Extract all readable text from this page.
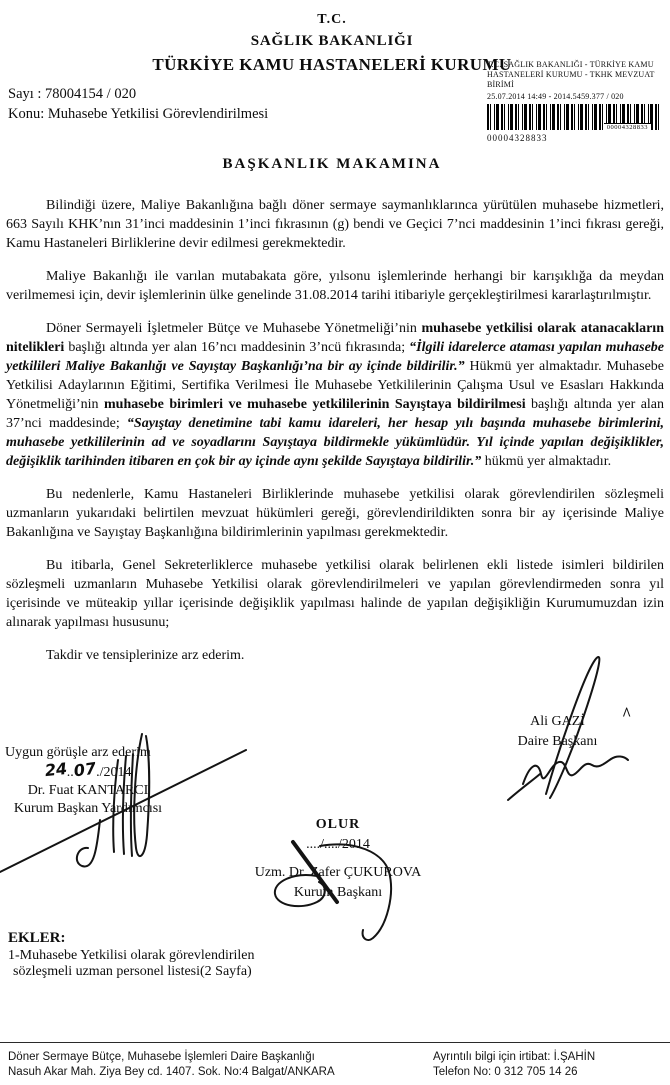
T.C.
SAĞLIK BAKANLIĞI
TÜRKİYE KAMU HASTANELERİ KURUMU
T.C. SAĞLIK BAKANLIĞI - TÜRKİYE KAMU HASTANELERİ KURUMU - TKHK MEVZUAT BİRİMİ
25.07.2014 14:49 - 2014.5459.377 / 020
00004328833
00004328833
Sayı : 78004154 / 020
Konu: Muhasebe Yetkilisi Görevlendirilmesi
BAŞKANLIK MAKAMINA

Bilindiği üzere, Maliye Bakanlığına bağlı döner sermaye saymanlıklarınca yürütülen muhasebe hizmetleri, 663 Sayılı KHK’nın 31’inci maddesinin 1’inci fıkrasının (g) bendi ve Geçici 7’nci maddesinin 1’inci fıkrası gereği, Kamu Hastaneleri Birliklerine devir edilmesi gerekmektedir.

Maliye Bakanlığı ile varılan mutabakata göre, yılsonu işlemlerinde herhangi bir karışıklığa da meydan verilmemesi için, devir işlemlerinin ülke genelinde 31.08.2014 tarihi itibariyle gerçekleştirilmesi kararlaştırılmıştır.

Döner Sermayeli İşletmeler Bütçe ve Muhasebe Yönetmeliği’nin muhasebe yetkilisi olarak atanacakların nitelikleri başlığı altında yer alan 16’ncı maddesinin 3’ncü fıkrasında; “İlgili idarelerce ataması yapılan muhasebe yetkilileri Maliye Bakanlığı ve Sayıştay Başkanlığı’na bir ay içinde bildirilir.” Hükmü yer almaktadır. Muhasebe Yetkilisi Adaylarının Eğitimi, Sertifika Verilmesi İle Muhasebe Yetkililerinin Çalışma Usul ve Esasları Hakkında Yönetmeliği’nin muhasebe birimleri ve muhasebe yetkililerinin Sayıştaya bildirilmesi başlığı altında yer alan 37’nci maddesinde; “Sayıştay denetimine tabi kamu idareleri, her hesap yılı başında muhasebe birimlerini, muhasebe yetkililerinin ad ve soyadlarını Sayıştaya bildirmekle yükümlüdür. Yıl içinde yapılan değişiklikler, değişiklik tarihinden itibaren en çok bir ay içinde aynı şekilde Sayıştaya bildirilir.” hükmü yer almaktadır.

Bu nedenlerle, Kamu Hastaneleri Birliklerinde muhasebe yetkilisi olarak görevlendirilen sözleşmeli uzmanların yukarıdaki belirtilen mevzuat hükümleri gereği, görevlendirildikten sonra bir ay içerisinde Maliye Bakanlığına ve Sayıştay Başkanlığına bildirimlerinin yapılması gerekmektedir.

Bu itibarla, Genel Sekreterliklerce muhasebe yetkilisi olarak belirlenen ekli listede isimleri bildirilen sözleşmeli uzmanların Muhasebe Yetkilisi olarak görevlendirilmeleri ve yapılan görevlendirmeden sonra yıl içerisinde ve müteakip yıllar içerisinde değişiklik yapılması halinde de yapılan değişikliğin Kurumumuzdan izin alınarak yapılması hususunu;

Takdir ve tensiplerinize arz ederim.

Ali GAZİ
Daire Başkanı
^
Uygun görüşle arz ederim
24..07./2014
Dr. Fuat KANTARCI
Kurum Başkan Yardımcısı
OLUR
..../..../2014
Uzm. Dr. Zafer ÇUKUROVA
Kurum Başkanı
EKLER:
1-Muhasebe Yetkilisi olarak görevlendirilen
sözleşmeli uzman personel listesi(2 Sayfa)
Döner Sermaye Bütçe, Muhasebe İşlemleri Daire Başkanlığı
Nasuh Akar Mah. Ziya Bey cd. 1407. Sok. No:4 Balgat/ANKARA
Ayrıntılı bilgi için irtibat: İ.ŞAHİN
Telefon No: 0 312 705 14 26
